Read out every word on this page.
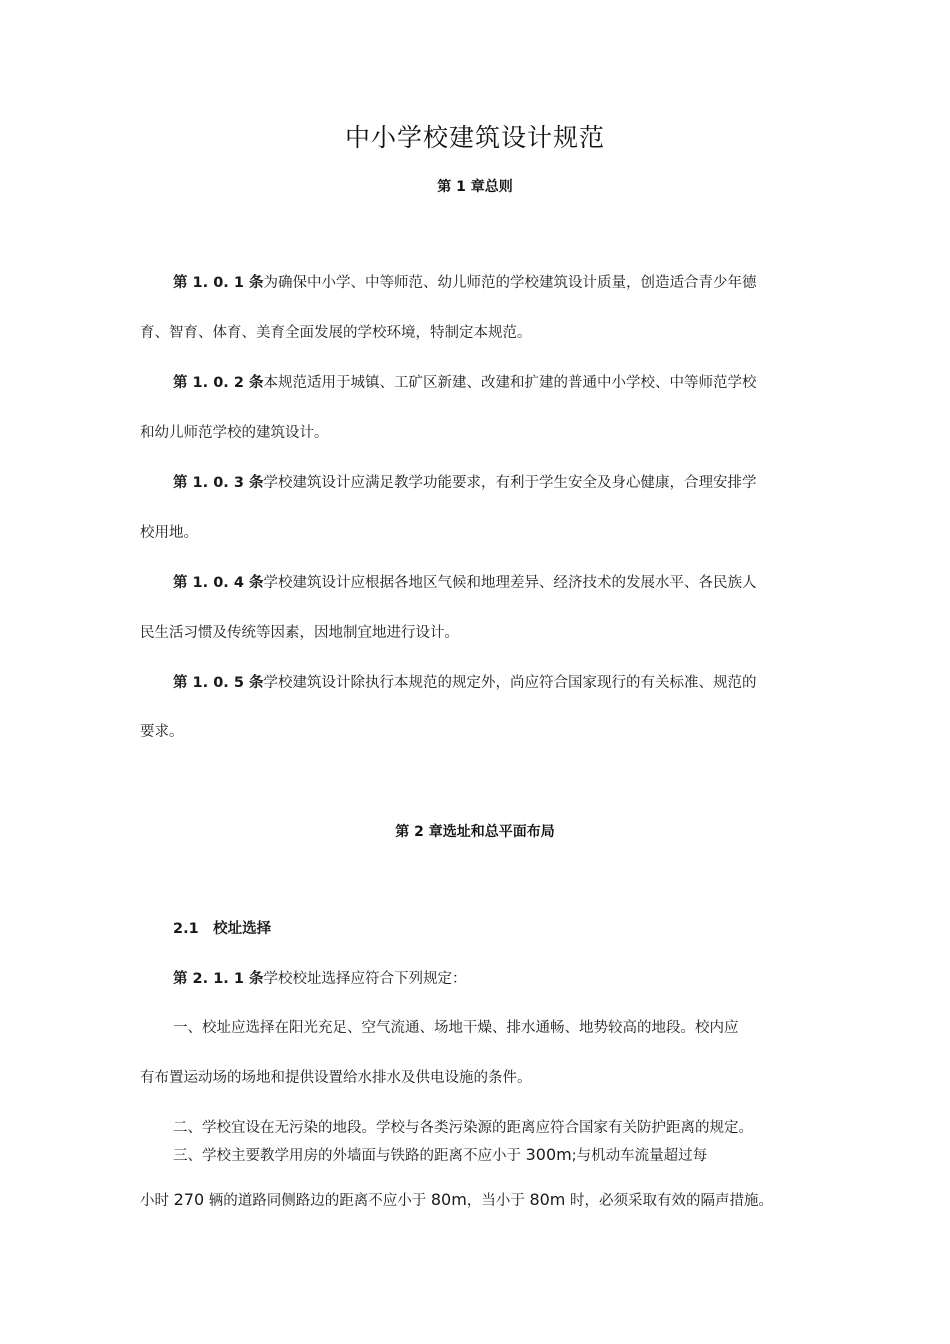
中小学校建筑设计规范
第 1 章总则
第 1. 0. 1 条为确保中小学、中等师范、幼儿师范的学校建筑设计质量，创造适合青少年德
育、智育、体育、美育全面发展的学校环境，特制定本规范。
第 1. 0. 2 条本规范适用于城镇、工矿区新建、改建和扩建的普通中小学校、中等师范学校
和幼儿师范学校的建筑设计。
第 1. 0. 3 条学校建筑设计应满足教学功能要求，有利于学生安全及身心健康，合理安排学
校用地。
第 1. 0. 4 条学校建筑设计应根据各地区气候和地理差异、经济技术的发展水平、各民族人
民生活习惯及传统等因素，因地制宜地进行设计。
第 1. 0. 5 条学校建筑设计除执行本规范的规定外，尚应符合国家现行的有关标准、规范的
要求。
第 2 章选址和总平面布局
2.1　校址选择
第 2. 1. 1 条学校校址选择应符合下列规定：
一、校址应选择在阳光充足、空气流通、场地干燥、排水通畅、地势较高的地段。校内应
有布置运动场的场地和提供设置给水排水及供电设施的条件。
二、学校宜设在无污染的地段。学校与各类污染源的距离应符合国家有关防护距离的规定。
三、学校主要教学用房的外墙面与铁路的距离不应小于 300m;与机动车流量超过每
小时 270 辆的道路同侧路边的距离不应小于 80m，当小于 80m 时，必须采取有效的隔声措施。
